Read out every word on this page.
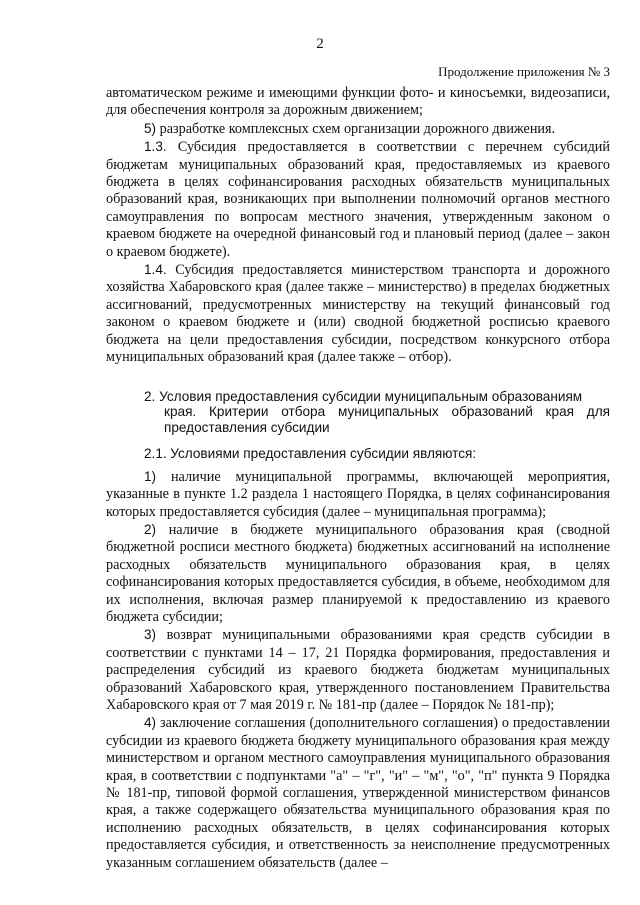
2
Продолжение приложения № 3

автоматическом режиме и имеющими функции фото- и киносъемки, видеозаписи, для обеспечения контроля за дорожным движением;

5) разработке комплексных схем организации дорожного движения.

1.3. Субсидия предоставляется в соответствии с перечнем субсидий бюджетам муниципальных образований края, предоставляемых из краевого бюджета в целях софинансирования расходных обязательств муниципальных образований края, возникающих при выполнении полномочий органов местного самоуправления по вопросам местного значения, утвержденным законом о краевом бюджете на очередной финансовый год и плановый период (далее – закон о краевом бюджете).

1.4. Субсидия предоставляется министерством транспорта и дорожного хозяйства Хабаровского края (далее также – министерство) в пределах бюджетных ассигнований, предусмотренных министерству на текущий финансовый год законом о краевом бюджете и (или) сводной бюджетной росписью краевого бюджета на цели предоставления субсидии, посредством конкурсного отбора муниципальных образований края (далее также – отбор).

2. Условия предоставления субсидии муниципальным образованиям
края. Критерии отбора муниципальных образований края для предоставления субсидии

2.1. Условиями предоставления субсидии являются:

1) наличие муниципальной программы, включающей мероприятия, указанные в пункте 1.2 раздела 1 настоящего Порядка, в целях софинансирования которых предоставляется субсидия (далее – муниципальная программа);

2) наличие в бюджете муниципального образования края (сводной бюджетной росписи местного бюджета) бюджетных ассигнований на исполнение расходных обязательств муниципального образования края, в целях софинансирования которых предоставляется субсидия, в объеме, необходимом для их исполнения, включая размер планируемой к предоставлению из краевого бюджета субсидии;

3) возврат муниципальными образованиями края средств субсидии в соответствии с пунктами 14 – 17, 21 Порядка формирования, предоставления и распределения субсидий из краевого бюджета бюджетам муниципальных образований Хабаровского края, утвержденного постановлением Правительства Хабаровского края от 7 мая 2019 г. № 181-пр (далее – Порядок № 181-пр);

4) заключение соглашения (дополнительного соглашения) о предоставлении субсидии из краевого бюджета бюджету муниципального образования края между министерством и органом местного самоуправления муниципального образования края, в соответствии с подпунктами "а" – "г", "и" – "м", "о", "п" пункта 9 Порядка № 181-пр, типовой формой соглашения, утвержденной министерством финансов края, а также содержащего обязательства муниципального образования края по исполнению расходных обязательств, в целях софинансирования которых предоставляется субсидия, и ответственность за неисполнение предусмотренных указанным соглашением обязательств (далее –
